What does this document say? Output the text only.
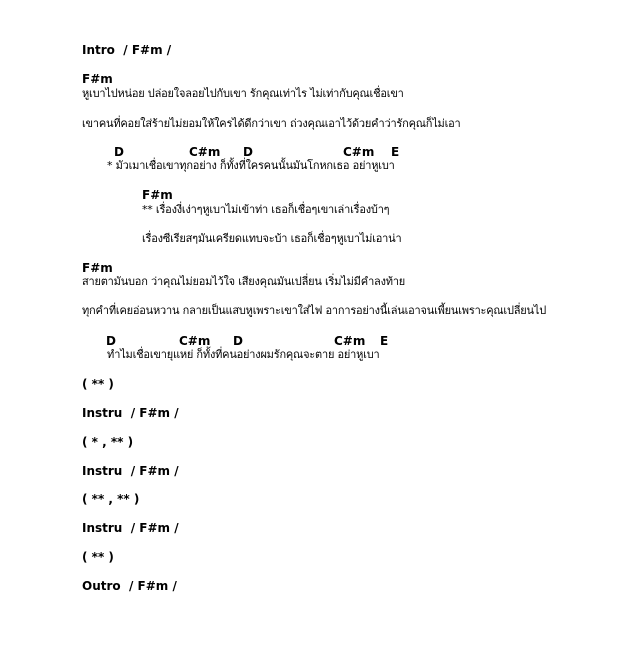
Intro  / F#m /
F#m
หูเบาไปหน่อย ปล่อยใจลอยไปกับเขา รักคุณเท่าไร ไม่เท่ากับคุณเชื่อเขา
เขาคนที่คอยใส่ร้ายไม่ยอมให้ใครได้ดีกว่าเขา ถ่วงคุณเอาไว้ด้วยคำว่ารักคุณก็ไม่เอา
D	C#m D	C#m E
* มัวเมาเชื่อเขาทุกอย่าง ก็ทั้งที่ใครคนนั้นมันโกหกเธอ อย่าหูเบา
F#m
** เรื่องงี่เง่าๆหูเบาไม่เข้าท่า เธอก็เชื่อๆเขาเล่าเรื่องบ้าๆ
เรื่องซีเรียสๆมันเครียดแทบจะบ้า เธอก็เชื่อๆหูเบาไม่เอาน่า
F#m
สายตามันบอก ว่าคุณไม่ยอมไว้ใจ เสียงคุณมันเปลี่ยน เริ่มไม่มีคำลงท้าย
ทุกคำที่เคยอ่อนหวาน กลายเป็นแสบหูเพราะเขาใส่ไฟ อาการอย่างนี้เล่นเอาจนเพี้ยนเพราะคุณเปลี่ยนไป
D	C#m D	C#m E
ทำไมเชื่อเขายุแหย่ ก็ทั้งที่คนอย่างผมรักคุณจะตาย อย่าหูเบา
( ** )
Instru  / F#m /
( * , ** )
Instru  / F#m /
( ** , ** )
Instru  / F#m /
( ** )
Outro  / F#m /
